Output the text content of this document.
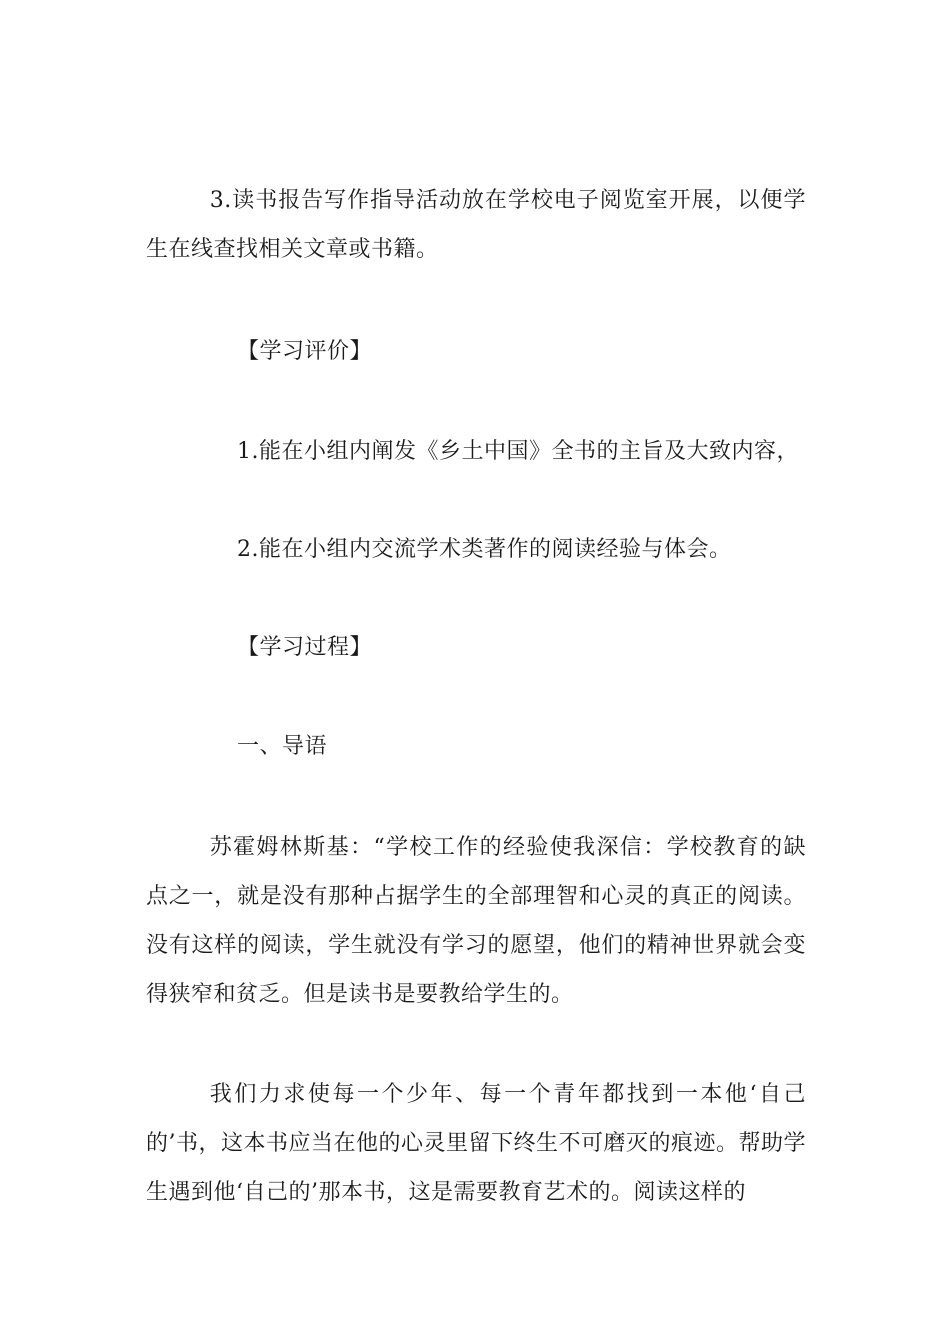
3.读书报告写作指导活动放在学校电子阅览室开展，以便学生在线查找相关文章或书籍。

【学习评价】

1.能在小组内阐发《乡土中国》全书的主旨及大致内容，

2.能在小组内交流学术类著作的阅读经验与体会。

【学习过程】

一、导语

苏霍姆林斯基：“学校工作的经验使我深信：学校教育的缺点之一，就是没有那种占据学生的全部理智和心灵的真正的阅读。没有这样的阅读，学生就没有学习的愿望，他们的精神世界就会变得狭窄和贫乏。但是读书是要教给学生的。

我们力求使每一个少年、每一个青年都找到一本他‘自己的’书，这本书应当在他的心灵里留下终生不可磨灭的痕迹。帮助学生遇到他‘自己的’那本书，这是需要教育艺术的。阅读这样的
